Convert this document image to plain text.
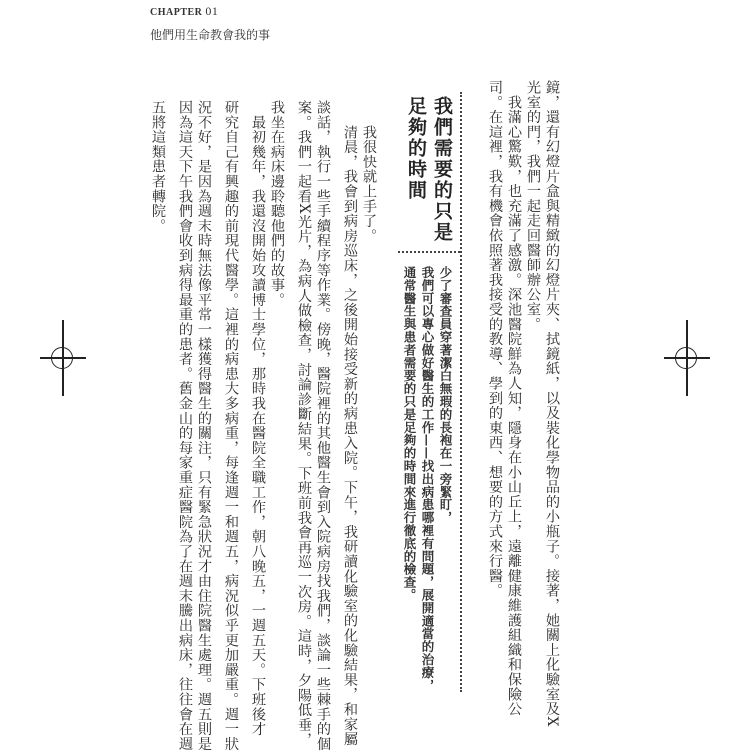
CHAPTER 01
他們用生命教會我的事
鏡，還有幻燈片盒與精緻的幻燈片夾、拭鏡紙，以及裝化學物品的小瓶子。接著，她關上化驗室及X
光室的門，我們一起走回醫師辦公室。
　我滿心驚歎，也充滿了感激。深池醫院鮮為人知，隱身在小山丘上，遠離健康維護組織和保險公
司。在這裡，我有機會依照著我接受的教導、學到的東西、想要的方式來行醫。
我們需要的只是
足夠的時間
少了審查員穿著潔白無瑕的長袍在一旁緊盯，
我們可以專心做好醫生的工作——找出病患哪裡有問題，展開適當的治療，
通常醫生與患者需要的只是足夠的時間來進行徹底的檢查。
　我很快就上手了。
　清晨，我會到病房巡床，之後開始接受新的病患入院。下午，我研讀化驗室的化驗結果，和家屬
談話，執行一些手續程序等作業。傍晚，醫院裡的其他醫生會到入院病房找我們，談論一些棘手的個
案。我們一起看X光片，為病人做檢查，討論診斷結果。下班前我會再巡一次房。這時，夕陽低垂，
我坐在病床邊聆聽他們的故事。
　最初幾年，我還沒開始攻讀博士學位，那時我在醫院全職工作，朝八晚五，一週五天。下班後才
研究自己有興趣的前現代醫學。這裡的病患大多病重，每逢週一和週五，病況似乎更加嚴重。週一狀
況不好，是因為週末時無法像平常一樣獲得醫生的關注，只有緊急狀況才由住院醫生處理。週五則是
因為這天下午我們會收到病得最重的患者。舊金山的每家重症醫院為了在週末騰出病床，往往會在週
五將這類患者轉院。
